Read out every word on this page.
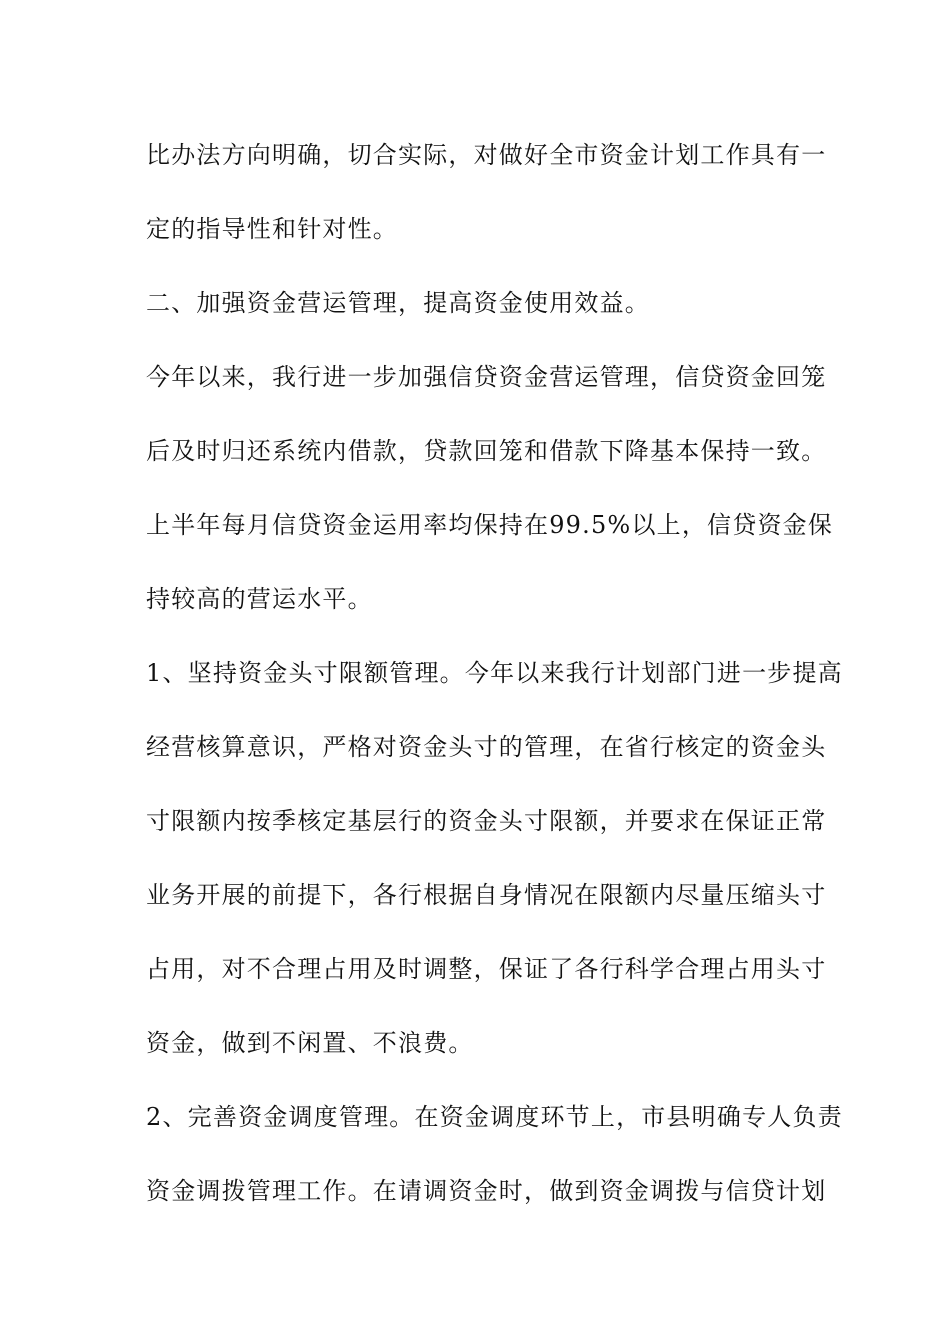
比办法方向明确，切合实际，对做好全市资金计划工作具有一
定的指导性和针对性。
二、加强资金营运管理，提高资金使用效益。
今年以来，我行进一步加强信贷资金营运管理，信贷资金回笼
后及时归还系统内借款，贷款回笼和借款下降基本保持一致。
上半年每月信贷资金运用率均保持在99.5%以上，信贷资金保
持较高的营运水平。
1、坚持资金头寸限额管理。今年以来我行计划部门进一步提高
经营核算意识，严格对资金头寸的管理，在省行核定的资金头
寸限额内按季核定基层行的资金头寸限额，并要求在保证正常
业务开展的前提下，各行根据自身情况在限额内尽量压缩头寸
占用，对不合理占用及时调整，保证了各行科学合理占用头寸
资金，做到不闲置、不浪费。
2、完善资金调度管理。在资金调度环节上，市县明确专人负责
资金调拨管理工作。在请调资金时，做到资金调拨与信贷计划
